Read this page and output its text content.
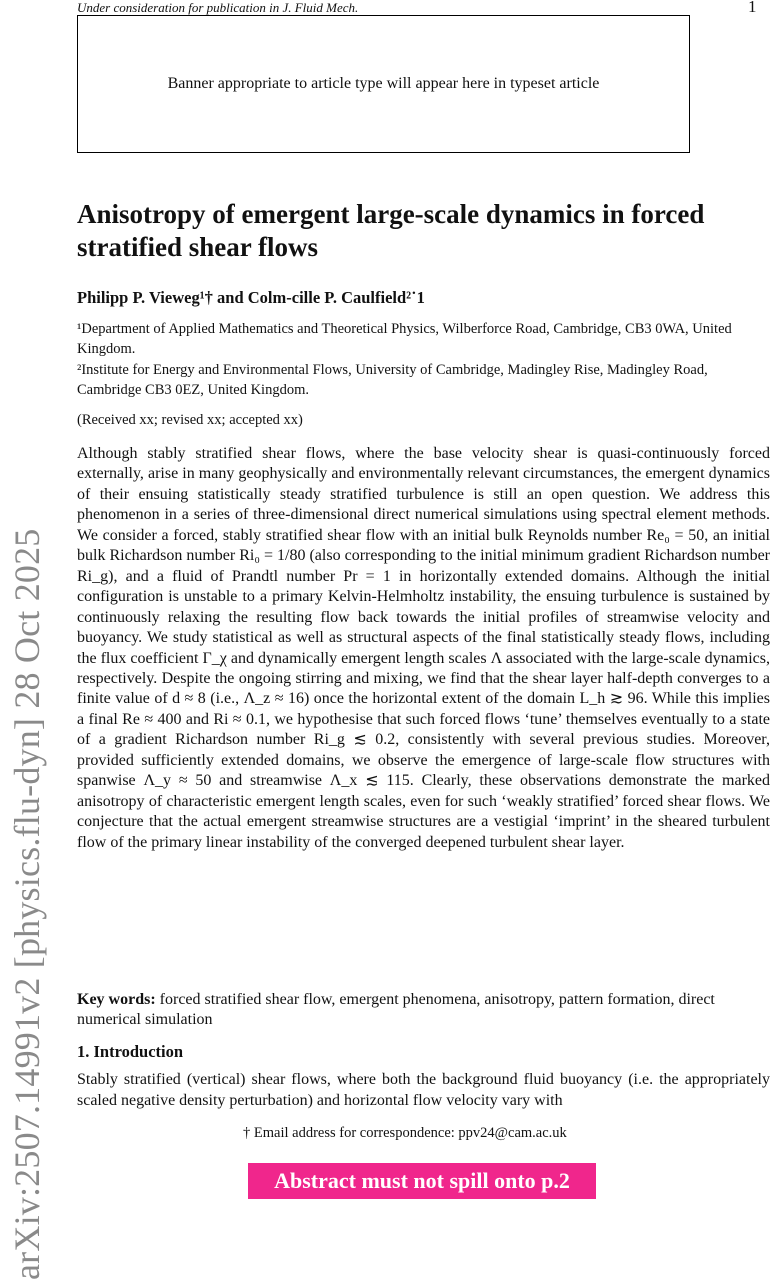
Under consideration for publication in J. Fluid Mech.	1
Banner appropriate to article type will appear here in typeset article
arXiv:2507.14991v2 [physics.flu-dyn] 28 Oct 2025
Anisotropy of emergent large-scale dynamics in forced stratified shear flows
Philipp P. Vieweg¹† and Colm-cille P. Caulfield²˙1
¹Department of Applied Mathematics and Theoretical Physics, Wilberforce Road, Cambridge, CB3 0WA, United Kingdom.
²Institute for Energy and Environmental Flows, University of Cambridge, Madingley Rise, Madingley Road, Cambridge CB3 0EZ, United Kingdom.
(Received xx; revised xx; accepted xx)
Although stably stratified shear flows, where the base velocity shear is quasi-continuously forced externally, arise in many geophysically and environmentally relevant circumstances, the emergent dynamics of their ensuing statistically steady stratified turbulence is still an open question. We address this phenomenon in a series of three-dimensional direct numerical simulations using spectral element methods. We consider a forced, stably stratified shear flow with an initial bulk Reynolds number Re₀ = 50, an initial bulk Richardson number Ri₀ = 1/80 (also corresponding to the initial minimum gradient Richardson number Ri_g), and a fluid of Prandtl number Pr = 1 in horizontally extended domains. Although the initial configuration is unstable to a primary Kelvin-Helmholtz instability, the ensuing turbulence is sustained by continuously relaxing the resulting flow back towards the initial profiles of streamwise velocity and buoyancy. We study statistical as well as structural aspects of the final statistically steady flows, including the flux coefficient Γ_χ and dynamically emergent length scales Λ associated with the large-scale dynamics, respectively. Despite the ongoing stirring and mixing, we find that the shear layer half-depth converges to a finite value of d ≈ 8 (i.e., Λ_z ≈ 16) once the horizontal extent of the domain L_h ≳ 96. While this implies a final Re ≈ 400 and Ri ≈ 0.1, we hypothesise that such forced flows ‘tune’ themselves eventually to a state of a gradient Richardson number Ri_g ≲ 0.2, consistently with several previous studies. Moreover, provided sufficiently extended domains, we observe the emergence of large-scale flow structures with spanwise Λ_y ≈ 50 and streamwise Λ_x ≲ 115. Clearly, these observations demonstrate the marked anisotropy of characteristic emergent length scales, even for such ‘weakly stratified’ forced shear flows. We conjecture that the actual emergent streamwise structures are a vestigial ‘imprint’ in the sheared turbulent flow of the primary linear instability of the converged deepened turbulent shear layer.
Key words: forced stratified shear flow, emergent phenomena, anisotropy, pattern formation, direct numerical simulation
1. Introduction
Stably stratified (vertical) shear flows, where both the background fluid buoyancy (i.e. the appropriately scaled negative density perturbation) and horizontal flow velocity vary with
† Email address for correspondence: ppv24@cam.ac.uk
Abstract must not spill onto p.2
